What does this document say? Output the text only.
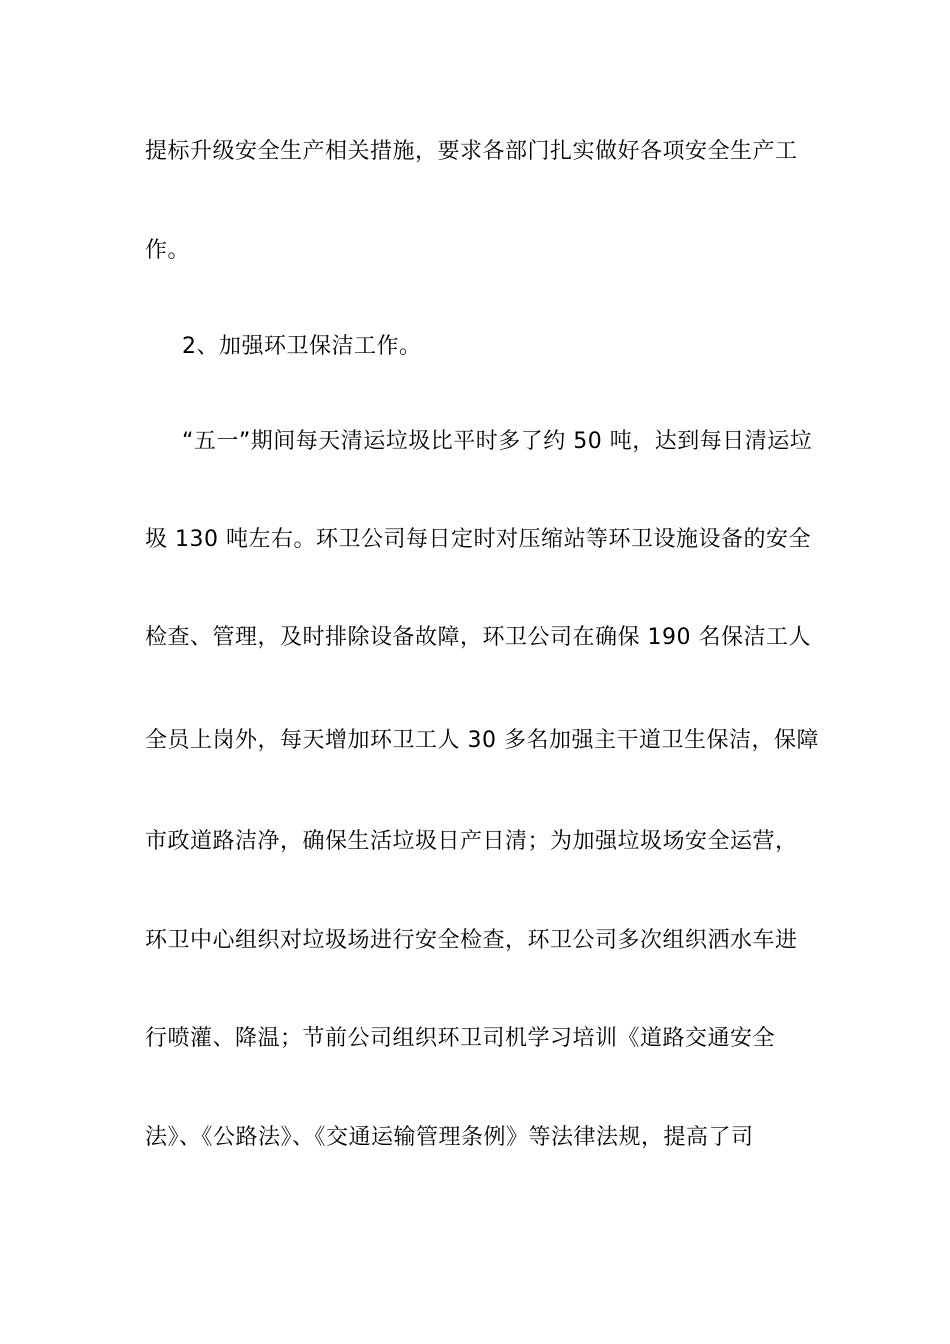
提标升级安全生产相关措施，要求各部门扎实做好各项安全生产工
作。
2、加强环卫保洁工作。
“五一”期间每天清运垃圾比平时多了约 50 吨，达到每日清运垃
圾 130 吨左右。环卫公司每日定时对压缩站等环卫设施设备的安全
检查、管理，及时排除设备故障，环卫公司在确保 190 名保洁工人
全员上岗外，每天增加环卫工人 30 多名加强主干道卫生保洁，保障
市政道路洁净，确保生活垃圾日产日清；为加强垃圾场安全运营，
环卫中心组织对垃圾场进行安全检查，环卫公司多次组织洒水车进
行喷灌、降温；节前公司组织环卫司机学习培训《道路交通安全
法》、《公路法》、《交通运输管理条例》等法律法规，提高了司
